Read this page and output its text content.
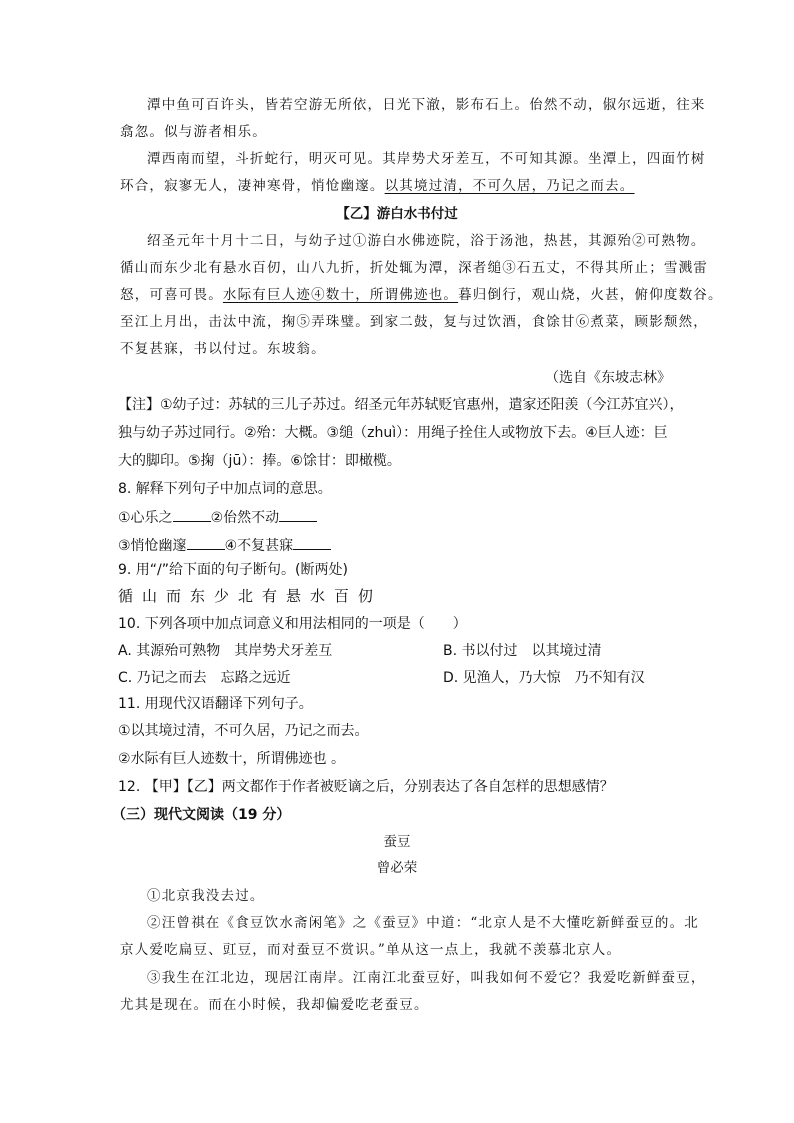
潭中鱼可百许头，皆若空游无所依，日光下澈，影布石上。佁然不动，俶尔远逝，往来
翕忽。似与游者相乐。
潭西南而望，斗折蛇行，明灭可见。其岸势犬牙差互，不可知其源。坐潭上，四面竹树
环合，寂寥无人，凄神寒骨，悄怆幽邃。以其境过清，不可久居，乃记之而去。
【乙】游白水书付过
绍圣元年十月十二日，与幼子过①游白水佛迹院，浴于汤池，热甚，其源殆②可熟物。
循山而东少北有悬水百仞，山八九折，折处辄为潭，深者缒③石五丈，不得其所止；雪溅雷
怒，可喜可畏。水际有巨人迹④数十，所谓佛迹也。暮归倒行，观山烧，火甚，俯仰度数谷。
至江上月出，击汰中流，掬⑤弄珠璧。到家二鼓，复与过饮酒，食馀甘⑥煮菜，顾影颓然，
不复甚寐，书以付过。东坡翁。
（选自《东坡志林》
【注】①幼子过：苏轼的三儿子苏过。绍圣元年苏轼贬官惠州，遣家还阳羡（今江苏宜兴），
独与幼子苏过同行。②殆：大概。③缒（zhuì）：用绳子拴住人或物放下去。④巨人迹：巨
大的脚印。⑤掬（jū）：捧。⑥馀甘：即橄榄。
8. 解释下列句子中加点词的意思。
①心乐之	②佁然不动
③悄怆幽邃	④不复甚寐
9. 用“/”给下面的句子断句。(断两处)
循山而东少北有悬水百仞
10. 下列各项中加点词意义和用法相同的一项是（　　）
A. 其源殆可熟物　其岸势犬牙差互	B. 书以付过　以其境过清
C. 乃记之而去　忘路之远近	D. 见渔人，乃大惊　乃不知有汉
11. 用现代汉语翻译下列句子。
①以其境过清，不可久居，乃记之而去。
②水际有巨人迹数十，所谓佛迹也 。
12. 【甲】【乙】两文都作于作者被贬谪之后，分别表达了各自怎样的思想感情？
（三）现代文阅读（19 分）
蚕豆
曾必荣
①北京我没去过。
②汪曾祺在《食豆饮水斋闲笔》之《蚕豆》中道：“北京人是不大懂吃新鲜蚕豆的。北
京人爱吃扁豆、豇豆，而对蚕豆不赏识。”单从这一点上，我就不羡慕北京人。
③我生在江北边，现居江南岸。江南江北蚕豆好，叫我如何不爱它？我爱吃新鲜蚕豆，
尤其是现在。而在小时候，我却偏爱吃老蚕豆。
